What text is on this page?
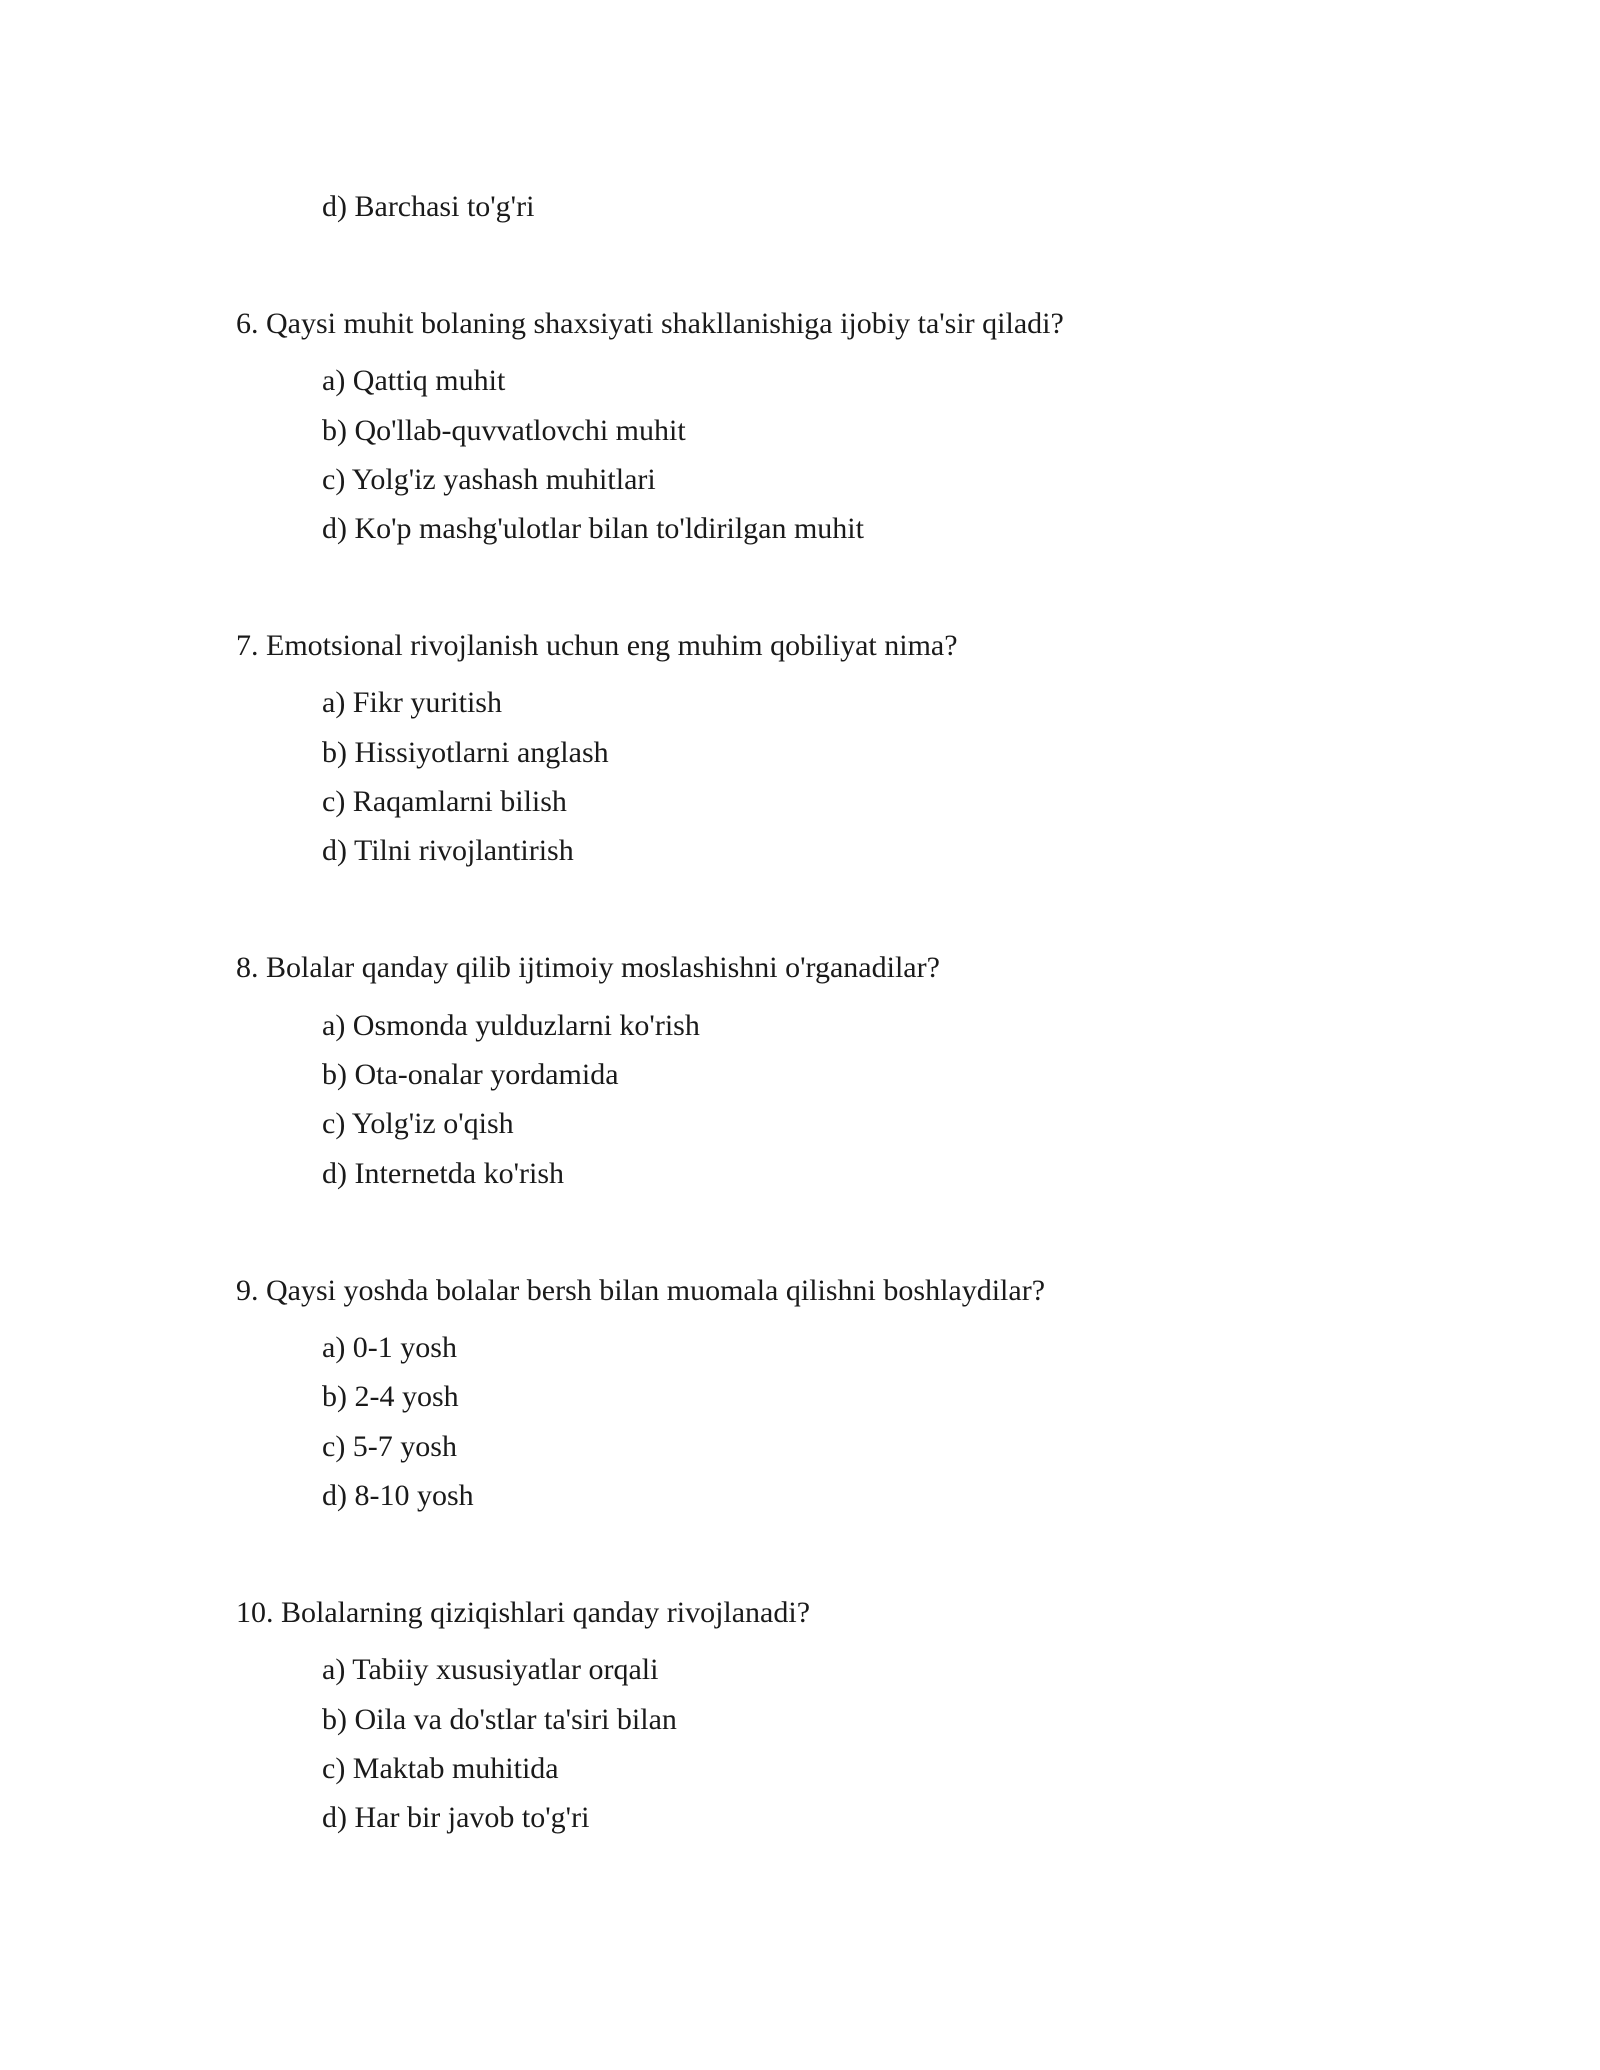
d) Barchasi to'g'ri
6. Qaysi muhit bolaning shaxsiyati shakllanishiga ijobiy ta'sir qiladi?
a) Qattiq muhit
b) Qo'llab-quvvatlovchi muhit
c) Yolg'iz yashash muhitlari
d) Ko'p mashg'ulotlar bilan to'ldirilgan muhit
7. Emotsional rivojlanish uchun eng muhim qobiliyat nima?
a) Fikr yuritish
b) Hissiyotlarni anglash
c) Raqamlarni bilish
d) Tilni rivojlantirish
8. Bolalar qanday qilib ijtimoiy moslashishni o'rganadilar?
a) Osmonda yulduzlarni ko'rish
b) Ota-onalar yordamida
c) Yolg'iz o'qish
d) Internetda ko'rish
9. Qaysi yoshda bolalar bersh bilan muomala qilishni boshlaydilar?
a) 0-1 yosh
b) 2-4 yosh
c) 5-7 yosh
d) 8-10 yosh
10. Bolalarning qiziqishlari qanday rivojlanadi?
a) Tabiiy xususiyatlar orqali
b) Oila va do'stlar ta'siri bilan
c) Maktab muhitida
d) Har bir javob to'g'ri
